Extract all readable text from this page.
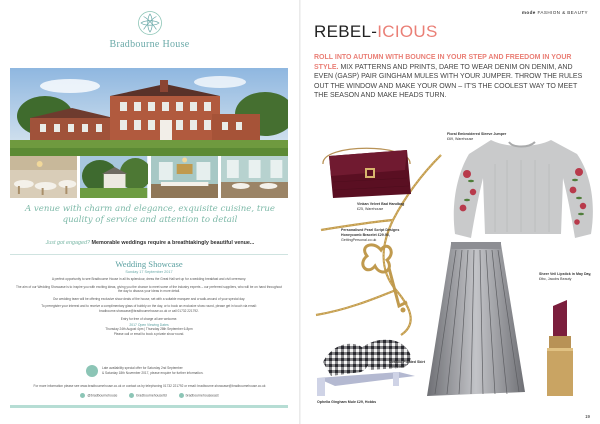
Bradbourne House
A venue with charm and elegance, exquisite cuisine, true quality of service and attention to detail
Just got engaged? Memorable weddings require a breathtakingly beautiful venue...
Wedding Showcase
Sunday 17 September 2017
A perfect opportunity to see Bradbourne House in all its splendour, dress the Great Hall set up for a wedding breakfast and civil ceremony.
The aim of our Wedding Showcase is to inspire you with exciting ideas, giving you the chance to meet some of the industry experts – our preferred suppliers, who will be on hand throughout the day to discuss your ideas in more detail.
Our wedding team will be offering exclusive show deals of the house, set with a suitable marquee and a walk-around of your special day.
To preregister your interest and to receive a complimentary glass of bubbly on the day, or to book an exclusive show round, please get in touch via email: bradbourne.showcase@bradbournehouse.co.uk or call 01732 221792.
Entry for free of charge all are welcome.
2017 Open Viewing Dates
Thursday 24th August 4pm | Thursday 28th September 6-8pm
Please call or email to book a private show round.
Late availability special offer for Saturday 2nd September
& Saturday 18th November 2017, please enquire for further information.
For more information please see www.bradbournehouse.co.uk or contact us by telephoning 01732 221792 or email: bradbourne.showcase@bradbournehouse.co.uk
@bradbournehouse	bradbournehouseltd	bradbournehouseeast
mode FASHION & BEAUTY
REBEL-ICIOUS
ROLL INTO AUTUMN WITH BOUNCE IN YOUR STEP AND FREEDOM IN YOUR STYLE. MIX PATTERNS AND PRINTS, DARE TO WEAR DENIM ON DENIM, AND EVEN (GASP) PAIR GINGHAM MULES WITH YOUR JUMPER. THROW THE RULES OUT THE WINDOW AND MAKE YOUR OWN – IT'S THE COOLEST WAY TO MEET THE SEASON AND MAKE HEADS TURN.
Floral Embroidered Sleeve Jumper
£69, Warehouse
Vinkan Velvet Bad Handbag
£25, Warehouse
Personalised Pearl Script Designs Honeycomb Bracelet £29.95,
GettingPersonal.co.uk
Metallic Pleated Skirt
£45, Next
Sheer Veil Lipstick in May Day,
£tbc, Jacobs Beauty
Ophelia Gingham Mule £29, Hobbs
19
